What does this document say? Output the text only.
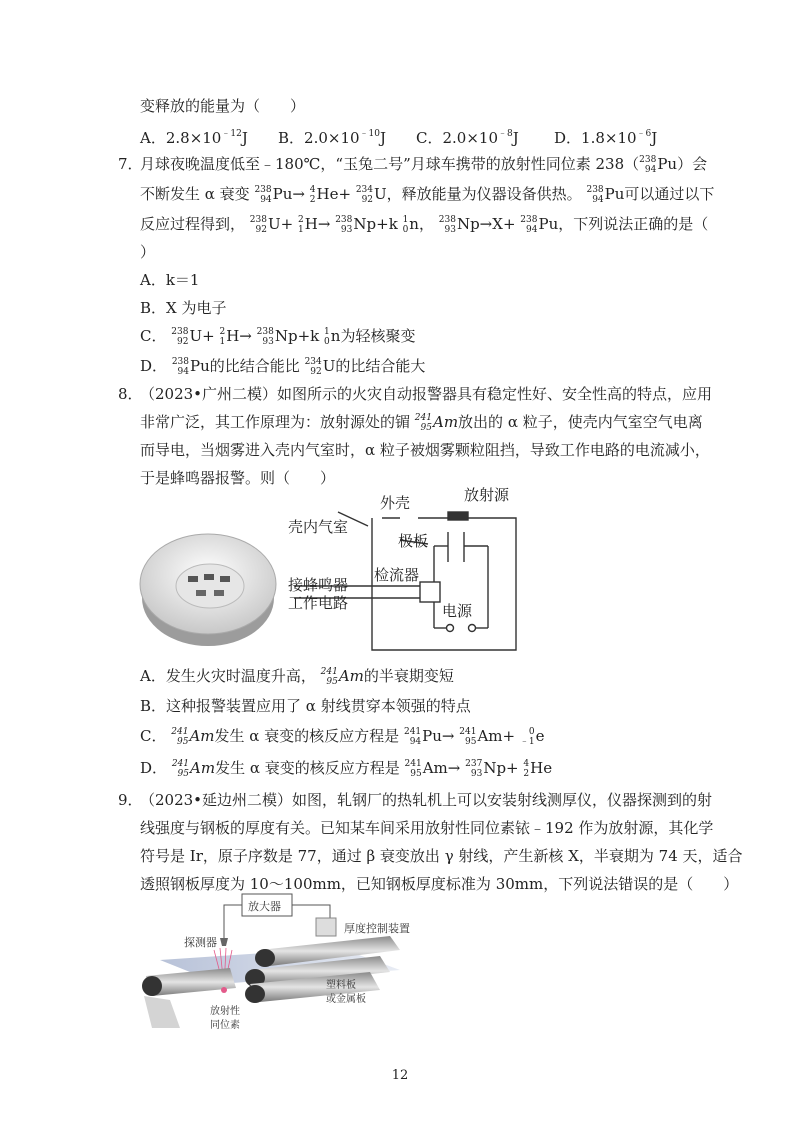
变释放的能量为（　　）
A．$2.8\times 10^{﹣12}J$ B．$2.0\times 10^{﹣10}J$ C．$2.0\times 10^{﹣8}J$ D．$1.8\times 10^{﹣6}J$
7．
月球夜晚温度低至﹣180℃，“玉兔二号”月球车携带的放射性同位素 238（ 238
94 Pu）会
不断发生 α 衰变 238
94 Pu→ 4
2 He+ 234
92 U，释放能量为仪器设备供热。 238
94 Pu可以通过以下
反应过程得到， 238
92 U+ 2
1 H→ 238
93 Np+k 1
0 n， 238
93 Np→X+ 238
94 Pu，下列说法正确的是（
）
A．k＝1
B．X 为电子
C． 238
92 U+ 2
1 H→ 238
93 Np+k 1
0 n为轻核聚变
D． 238
94 Pu的比结合能比 234
92 U的比结合能大
8．
（2023•广州二模）如图所示的火灾自动报警器具有稳定性好、安全性高的特点，应用
非常广泛，其工作原理为：放射源处的镅 241
95 Am放出的 α 粒子，使壳内气室空气电离
而导电，当烟雾进入壳内气室时，α 粒子被烟雾颗粒阻挡，导致工作电路的电流减小，
于是蜂鸣器报警。则（　　）
外壳	放射源
壳内气室
极板
接蜂鸣器
工作电路
检流器
电源
A．发生火灾时温度升高， 241
95 Am的半衰期变短
B．这种报警装置应用了 α 射线贯穿本领强的特点
C． 241
95 Am发生 α 衰变的核反应方程是 241
94 Pu→ 241
95 Am+	0
﹣1 e
D． 241
95 Am发生 α 衰变的核反应方程是 241
95 Am→ 237
93 Np+ 4
2 He
9．
（2023•延边州二模）如图，轧钢厂的热轧机上可以安装射线测厚仪，仪器探测到的射
线强度与钢板的厚度有关。已知某车间采用放射性同位素铱﹣192 作为放射源，其化学
符号是 Ir，原子序数是 77，通过 β 衰变放出 γ 射线，产生新核 X，半衰期为 74 天，适合
透照钢板厚度为 10～100mm，已知钢板厚度标准为 30mm，下列说法错误的是（　　）
放大器
厚度控制装置
探测器
塑料板
或金属板
放射性
同位素
12
